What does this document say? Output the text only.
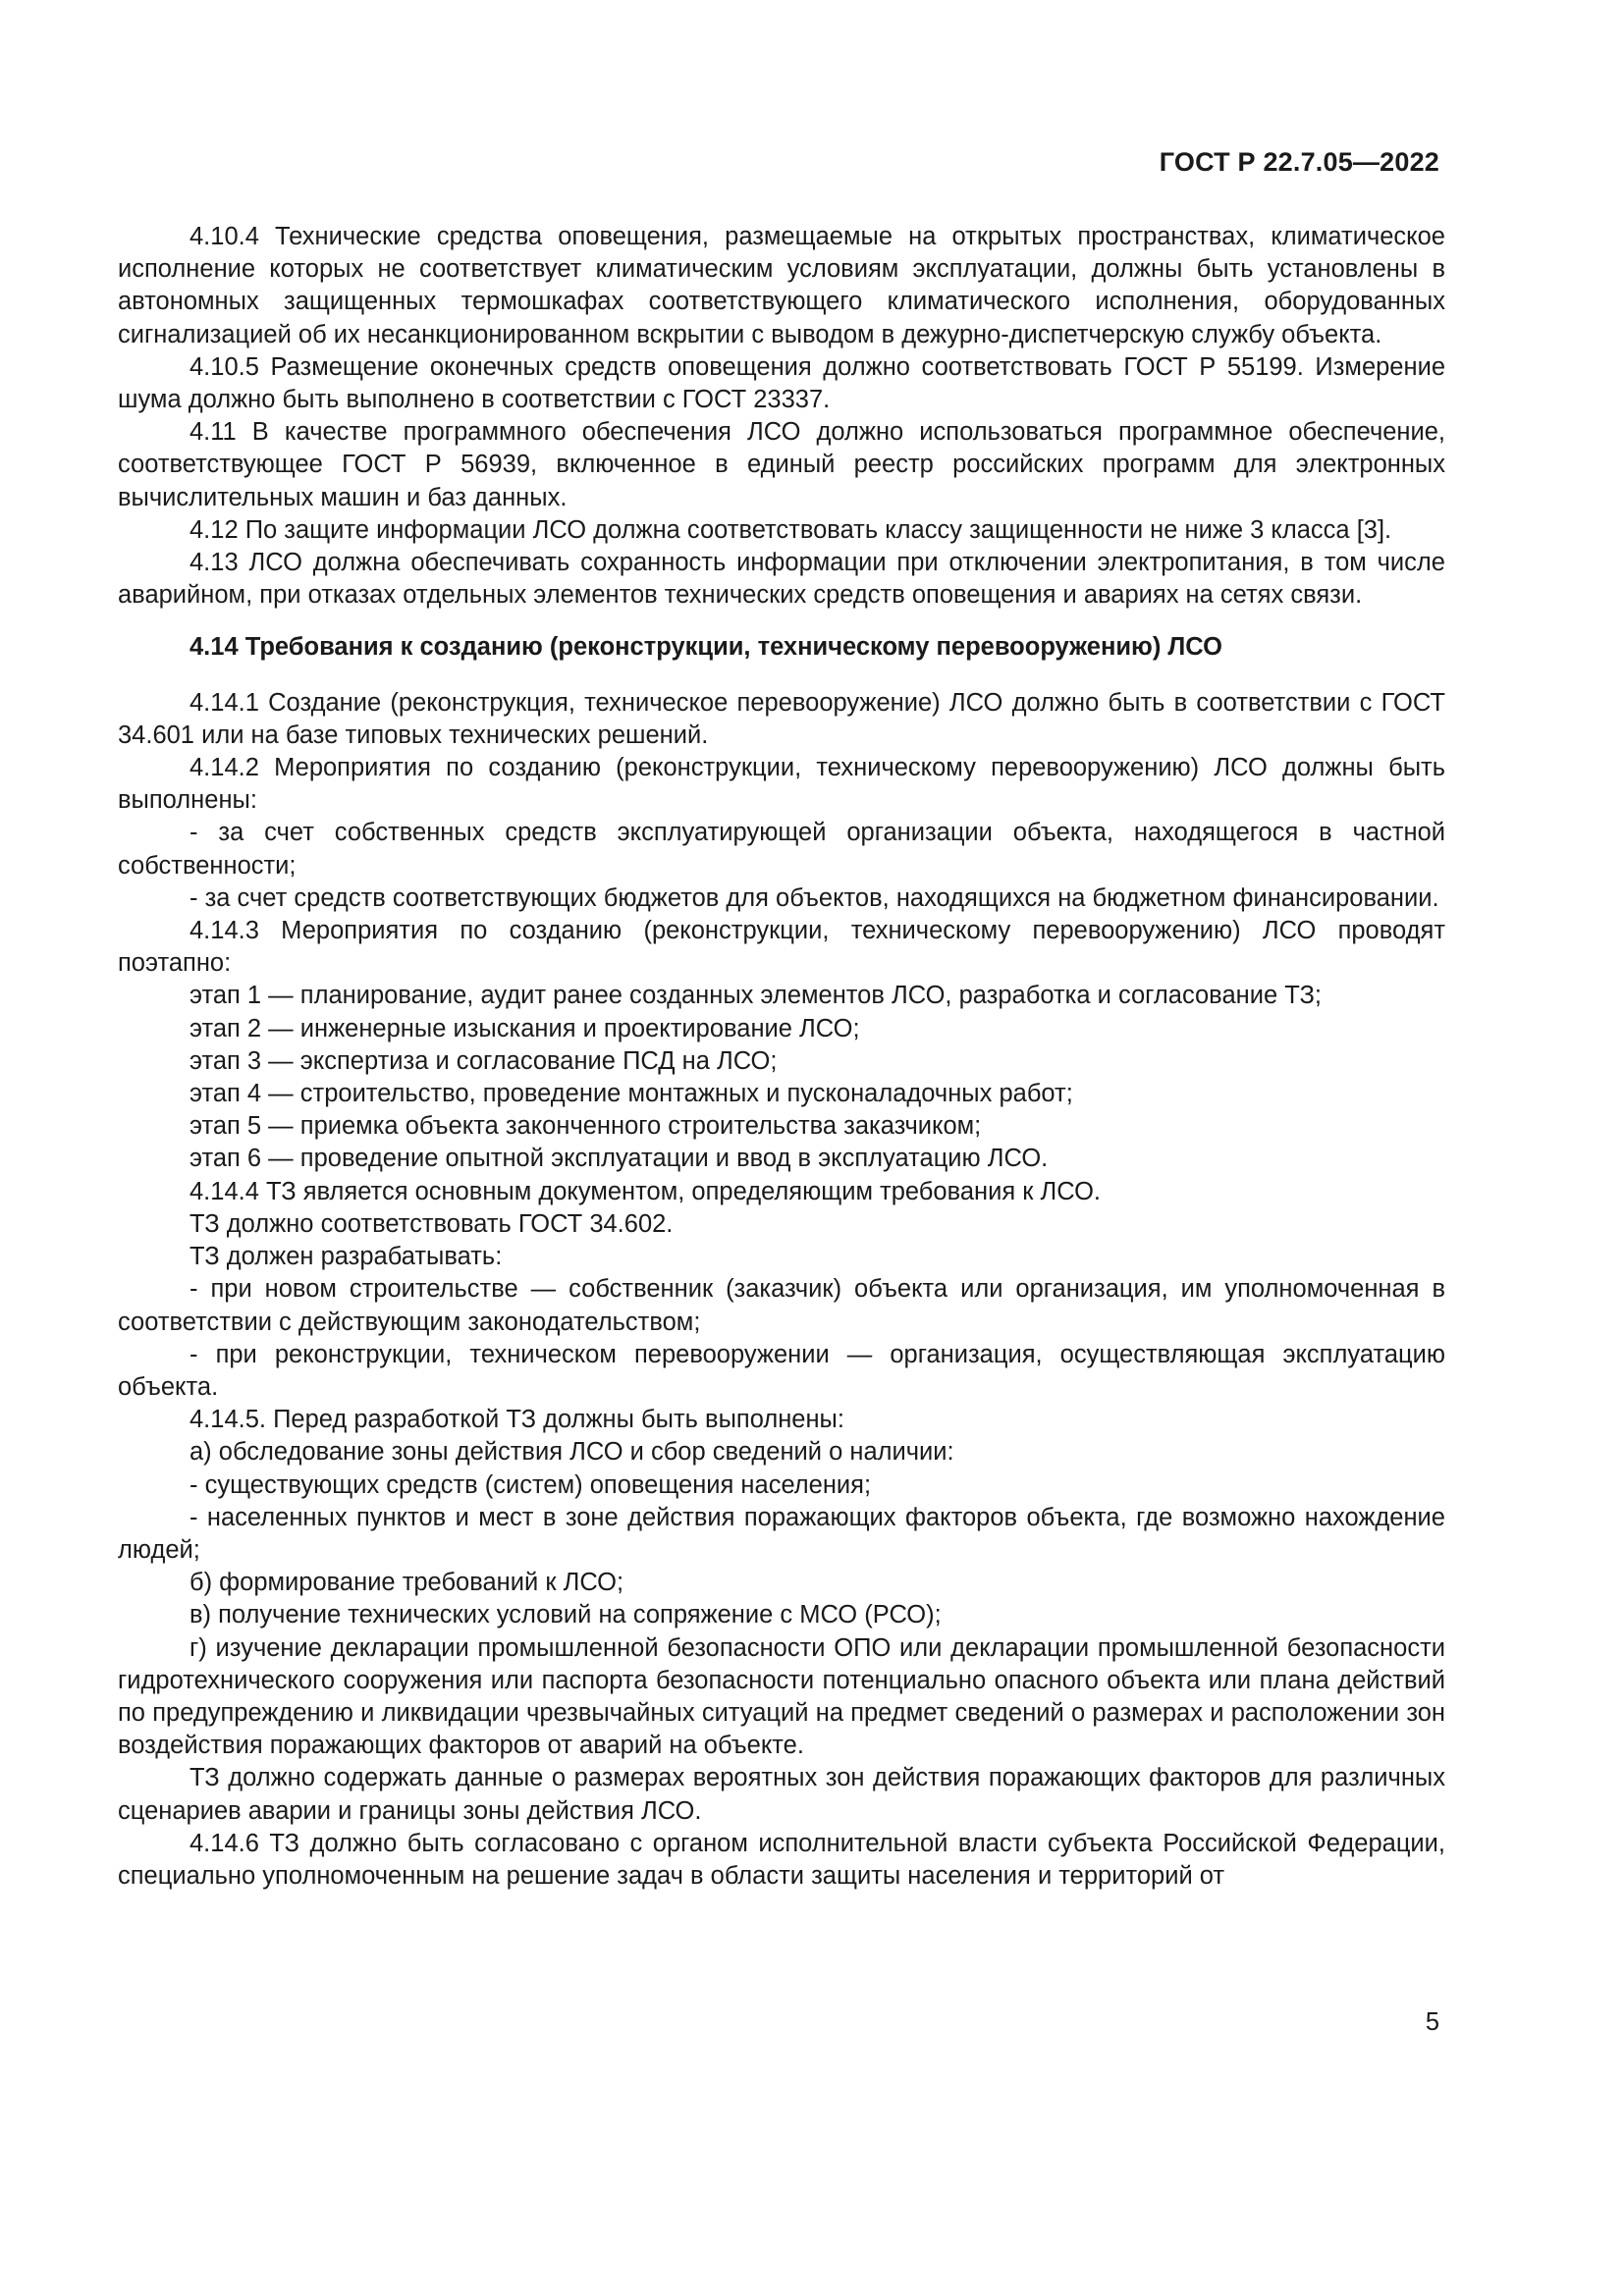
ГОСТ Р 22.7.05—2022

4.10.4 Технические средства оповещения, размещаемые на открытых пространствах, климатическое исполнение которых не соответствует климатическим условиям эксплуатации, должны быть установлены в автономных защищенных термошкафах соответствующего климатического исполнения, оборудованных сигнализацией об их несанкционированном вскрытии с выводом в дежурно-диспетчерскую службу объекта.

4.10.5 Размещение оконечных средств оповещения должно соответствовать ГОСТ Р 55199. Измерение шума должно быть выполнено в соответствии с ГОСТ 23337.

4.11 В качестве программного обеспечения ЛСО должно использоваться программное обеспечение, соответствующее ГОСТ Р 56939, включенное в единый реестр российских программ для электронных вычислительных машин и баз данных.

4.12 По защите информации ЛСО должна соответствовать классу защищенности не ниже 3 класса [3].

4.13 ЛСО должна обеспечивать сохранность информации при отключении электропитания, в том числе аварийном, при отказах отдельных элементов технических средств оповещения и авариях на сетях связи.

4.14 Требования к созданию (реконструкции, техническому перевооружению) ЛСО

4.14.1 Создание (реконструкция, техническое перевооружение) ЛСО должно быть в соответствии с ГОСТ 34.601 или на базе типовых технических решений.

4.14.2 Мероприятия по созданию (реконструкции, техническому перевооружению) ЛСО должны быть выполнены:

- за счет собственных средств эксплуатирующей организации объекта, находящегося в частной собственности;

- за счет средств соответствующих бюджетов для объектов, находящихся на бюджетном финансировании.

4.14.3 Мероприятия по созданию (реконструкции, техническому перевооружению) ЛСО проводят поэтапно:

этап 1 — планирование, аудит ранее созданных элементов ЛСО, разработка и согласование ТЗ;

этап 2 — инженерные изыскания и проектирование ЛСО;

этап 3 — экспертиза и согласование ПСД на ЛСО;

этап 4 — строительство, проведение монтажных и пусконаладочных работ;

этап 5 — приемка объекта законченного строительства заказчиком;

этап 6 — проведение опытной эксплуатации и ввод в эксплуатацию ЛСО.

4.14.4 ТЗ является основным документом, определяющим требования к ЛСО.

ТЗ должно соответствовать ГОСТ 34.602.

ТЗ должен разрабатывать:

- при новом строительстве — собственник (заказчик) объекта или организация, им уполномоченная в соответствии с действующим законодательством;

- при реконструкции, техническом перевооружении — организация, осуществляющая эксплуатацию объекта.

4.14.5. Перед разработкой ТЗ должны быть выполнены:

а) обследование зоны действия ЛСО и сбор сведений о наличии:

- существующих средств (систем) оповещения населения;

- населенных пунктов и мест в зоне действия поражающих факторов объекта, где возможно нахождение людей;

б) формирование требований к ЛСО;

в) получение технических условий на сопряжение с МСО (РСО);

г) изучение декларации промышленной безопасности ОПО или декларации промышленной безопасности гидротехнического сооружения или паспорта безопасности потенциально опасного объекта или плана действий по предупреждению и ликвидации чрезвычайных ситуаций на предмет сведений о размерах и расположении зон воздействия поражающих факторов от аварий на объекте.

ТЗ должно содержать данные о размерах вероятных зон действия поражающих факторов для различных сценариев аварии и границы зоны действия ЛСО.

4.14.6 ТЗ должно быть согласовано с органом исполнительной власти субъекта Российской Федерации, специально уполномоченным на решение задач в области защиты населения и территорий от

5
